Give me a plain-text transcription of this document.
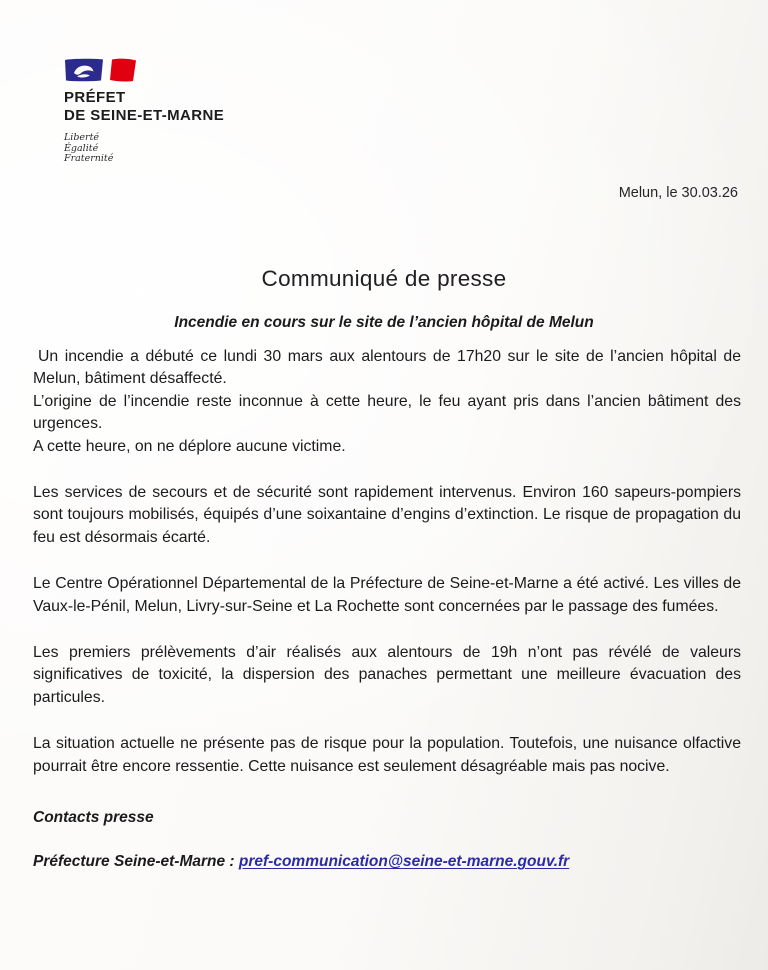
PRÉFET
DE SEINE-ET-MARNE
Liberté
Égalité
Fraternité
Melun, le 30.03.26
Communiqué de presse
Incendie en cours sur le site de l’ancien hôpital de Melun

Un incendie a débuté ce lundi 30 mars aux alentours de 17h20 sur le site de l’ancien hôpital de Melun, bâtiment désaffecté.
L’origine de l’incendie reste inconnue à cette heure, le feu ayant pris dans l’ancien bâtiment des urgences.
A cette heure, on ne déplore aucune victime.

Les services de secours et de sécurité sont rapidement intervenus. Environ 160 sapeurs-pompiers sont toujours mobilisés, équipés d’une soixantaine d’engins d’extinction. Le risque de propagation du feu est désormais écarté.

Le Centre Opérationnel Départemental de la Préfecture de Seine-et-Marne a été activé. Les villes de Vaux-le-Pénil, Melun, Livry-sur-Seine et La Rochette sont concernées par le passage des fumées.

Les premiers prélèvements d’air réalisés aux alentours de 19h n’ont pas révélé de valeurs significatives de toxicité, la dispersion des panaches permettant une meilleure évacuation des particules.

La situation actuelle ne présente pas de risque pour la population. Toutefois, une nuisance olfactive pourrait être encore ressentie. Cette nuisance est seulement désagréable mais pas nocive.

Contacts presse
Préfecture Seine-et-Marne : pref-communication@seine-et-marne.gouv.fr
